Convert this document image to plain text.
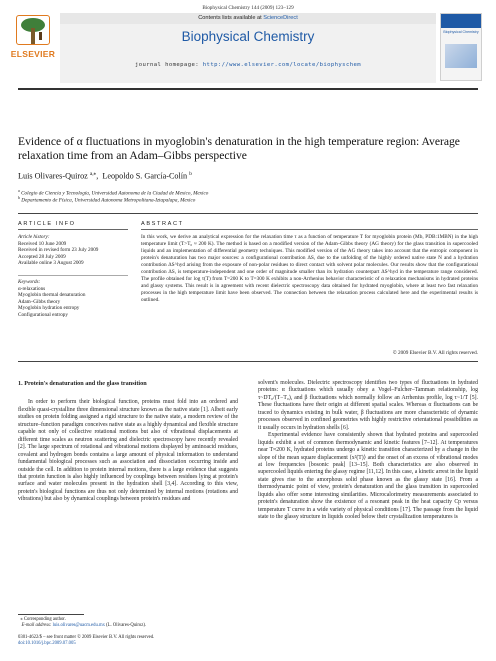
Biophysical Chemistry 144 (2009) 123–129
Contents lists available at ScienceDirect
ELSEVIER
Biophysical Chemistry
journal homepage: http://www.elsevier.com/locate/biophyschem
Biophysical Chemistry
Evidence of α fluctuations in myoglobin's denaturation in the high temperature region: Average relaxation time from an Adam–Gibbs perspective
Luis Olivares-Quiroz $^{a,⁎}$,  Leopoldo S. García-Colín $^b$
$^a$ Colegio de Ciencia y Tecnología, Universidad Autonoma de la Ciudad de Mexico, Mexico
$^b$ Departamento de Física, Universidad Autonoma Metropolitana-Iztapalapa, Mexico
ARTICLE INFO
Article history:
Received 10 June 2009
Received in revised form 23 July 2009
Accepted 28 July 2009
Available online 3 August 2009
Keywords:
α-relaxations
Myoglobin thermal denaturation
Adam–Gibbs theory
Myoglobin hydration entropy
Configurational entropy
ABSTRACT
In this work, we derive an analytical expression for the relaxation time τ as a function of temperature T for myoglobin protein (Mb, PDB:1MBN) in the high temperature limit (T>T₀ ≈ 200 K). The method is based on a modified version of the Adam–Gibbs theory (AG theory) for the glass transition in supercooled liquids and an implementation of differential geometry techniques. This modified version of the AG theory takes into account that the entropic component in protein's denaturation has two major sources: a configurational contribution ΔS, due to the unfolding of the highly ordered native state N and a hydration contribution ΔS^hyd arising from the exposure of non-polar residues to direct contact with solvent polar molecules. Our results show that the configurational contribution ΔS, is temperature-independent and one order of magnitude smaller than its hydration counterpart ΔS^hyd in the temperature range considered. The profile obtained for log τ(T) from T=200 K to T=300 K exhibits a non-Arrhenius behavior characteristic of α relaxation mechanisms in hydrated proteins and glassy systems. This result is in agreement with recent dielectric spectroscopy data obtained for hydrated myoglobin, where at least two fast relaxation processes in the high temperature limit have been observed. The connection between the relaxation process calculated here and the experimental results is outlined.
© 2009 Elsevier B.V. All rights reserved.

1. Protein's denaturation and the glass transition

In order to perform their biological function, proteins must fold into an ordered and flexible quasi-crystalline three dimensional structure known as the native state [1]. Albeit early studies on protein folding assigned a rigid structure to the native state, a modern review of the structure–function paradigm conceives native state as a highly dynamical and flexible structure capable not only of collective rotational motions but also of vibrational displacements at different time scales as neutron scattering and dielectric spectroscopy have recently revealed [2]. The large spectrum of rotational and vibrational motions displayed by aminoacid residues, covalent and hydrogen bonds contains a large amount of physical information to understand fundamental biological processes such as association and dissociation occurring inside and outside the cell. In addition to protein internal motions, there is a large evidence that suggests that protein function is also highly influenced by couplings between residues lying at protein's surface and water molecules present in the hydration shell [3,4]. According to this view, protein's biological functions are thus not only determined by internal motions (rotations and vibrations) but also by dynamical couplings between protein's residues and

solvent's molecules. Dielectric spectroscopy identifies two types of fluctuations in hydrated proteins: α fluctuations which usually obey a Vogel–Fulcher–Tamman relationship, log τ~DT₀/(T−T₀), and β fluctuations which normally follow an Arrhenius profile, log τ~1/T [5]. These fluctuations have their origin at different spatial scales. Whereas α fluctuations can be traced to dynamics existing in bulk water, β fluctuations are more characteristic of dynamic processes observed in confined geometries with highly restrictive orientational possibilities as it usually occurs in hydration shells [6].

Experimental evidence have consistently shown that hydrated proteins and supercooled liquids exhibit a set of common thermodynamic and kinetic features [7–12]. At temperatures near T≈200 K, hydrated proteins undergo a kinetic transition characterized by a change in the slope of the mean square displacement ⟨x²(T)⟩ and the onset of an excess of vibrational modes at low frequencies [bosonic peak] [13–15]. Both characteristics are also observed in supercooled liquids entering the glassy regime [11,12]. In this case, a kinetic arrest in the liquid state gives rise to the amorphous solid phase known as the glassy state [16]. From a thermodynamic point of view, protein's denaturation and the glass transition in supercooled liquids also offer some interesting similarities. Microcalorimetry measurements associated to protein's denaturation show the existence of a resonant peak in the heat capacity Cp versus temperature T curve in a wide variety of physical conditions [17]. The passage from the liquid state to the glassy structure in liquids cooled below their crystallization temperatures is

⁎ Corresponding author.
E-mail address: luis.olivares@uacm.edu.mx (L. Olivares-Quiroz).
0301-4622/$ – see front matter © 2009 Elsevier B.V. All rights reserved.
doi:10.1016/j.bpc.2009.07.005
